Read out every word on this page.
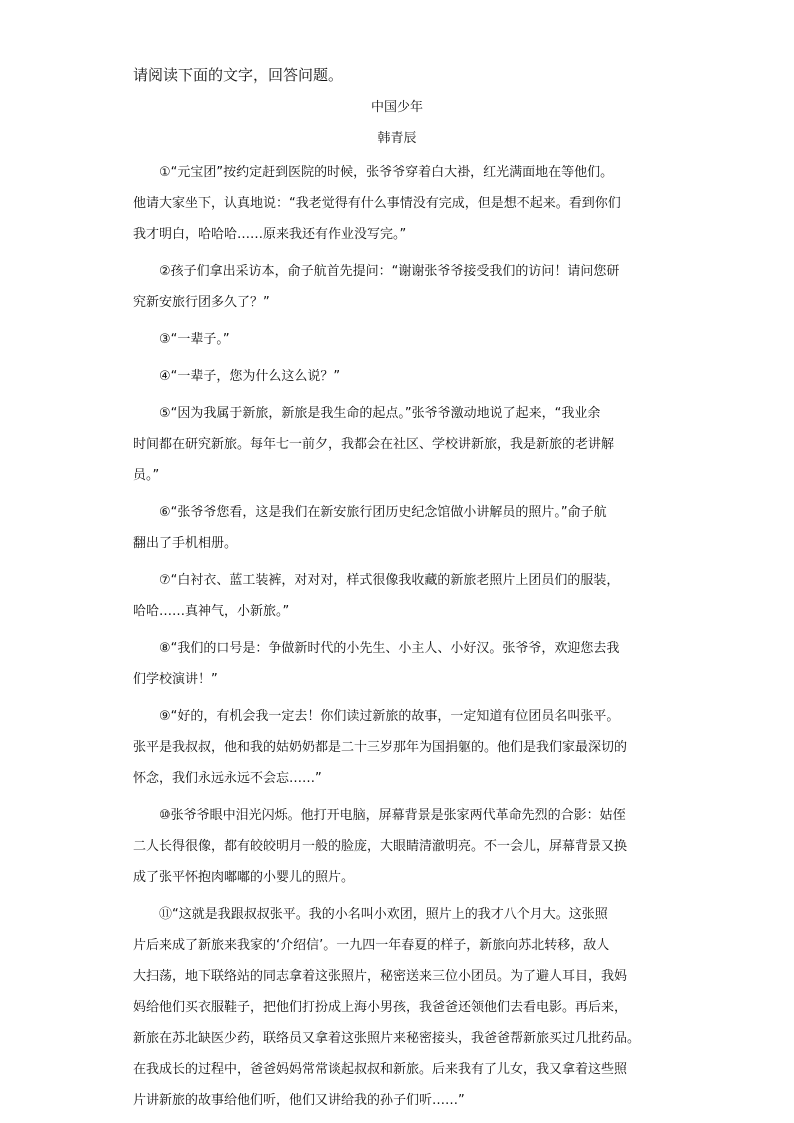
请阅读下面的文字，回答问题。
中国少年
韩青辰
①“元宝团”按约定赶到医院的时候，张爷爷穿着白大褂，红光满面地在等他们。
他请大家坐下，认真地说：“我老觉得有什么事情没有完成，但是想不起来。看到你们
我才明白，哈哈哈……原来我还有作业没写完。”
②孩子们拿出采访本，俞子航首先提问：“谢谢张爷爷接受我们的访问！请问您研
究新安旅行团多久了？”
③“一辈子。”
④“一辈子，您为什么这么说？”
⑤“因为我属于新旅，新旅是我生命的起点。”张爷爷激动地说了起来，“我业余
时间都在研究新旅。每年七一前夕，我都会在社区、学校讲新旅，我是新旅的老讲解
员。”
⑥“张爷爷您看，这是我们在新安旅行团历史纪念馆做小讲解员的照片。”俞子航
翻出了手机相册。
⑦“白衬衣、蓝工装裤，对对对，样式很像我收藏的新旅老照片上团员们的服装，
哈哈……真神气，小新旅。”
⑧“我们的口号是：争做新时代的小先生、小主人、小好汉。张爷爷，欢迎您去我
们学校演讲！”
⑨“好的，有机会我一定去！你们读过新旅的故事，一定知道有位团员名叫张平。
张平是我叔叔，他和我的姑奶奶都是二十三岁那年为国捐躯的。他们是我们家最深切的
怀念，我们永远永远不会忘……”
⑩张爷爷眼中泪光闪烁。他打开电脑，屏幕背景是张家两代革命先烈的合影：姑侄
二人长得很像，都有皎皎明月一般的脸庞，大眼睛清澈明亮。不一会儿，屏幕背景又换
成了张平怀抱肉嘟嘟的小婴儿的照片。
⑪“这就是我跟叔叔张平。我的小名叫小欢团，照片上的我才八个月大。这张照
片后来成了新旅来我家的‘介绍信’。一九四一年春夏的样子，新旅向苏北转移，敌人
大扫荡，地下联络站的同志拿着这张照片，秘密送来三位小团员。为了避人耳目，我妈
妈给他们买衣服鞋子，把他们打扮成上海小男孩，我爸爸还领他们去看电影。再后来，
新旅在苏北缺医少药，联络员又拿着这张照片来秘密接头，我爸爸帮新旅买过几批药品。
在我成长的过程中，爸爸妈妈常常谈起叔叔和新旅。后来我有了儿女，我又拿着这些照
片讲新旅的故事给他们听，他们又讲给我的孙子们听……”
